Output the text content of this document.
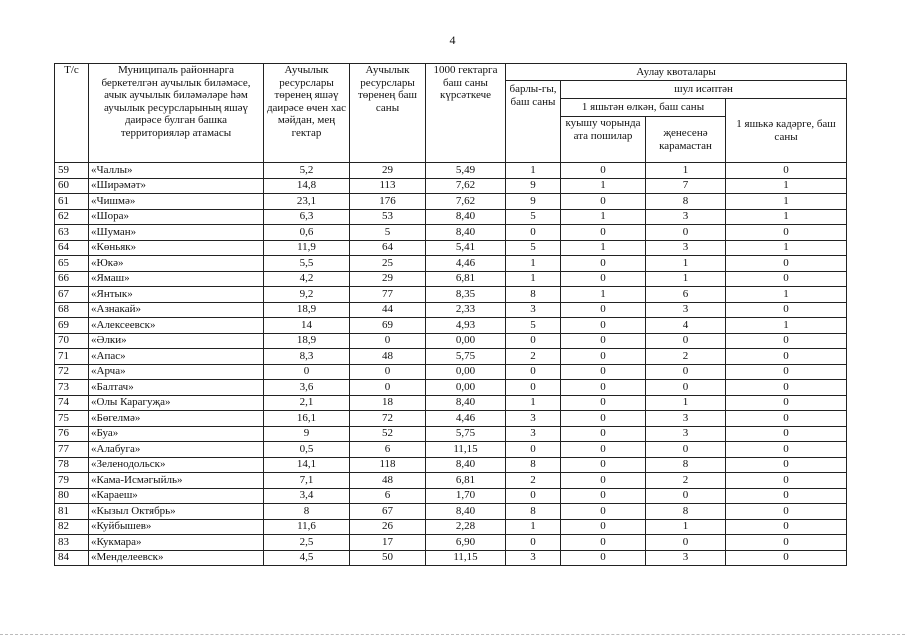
4
Т/с	Муниципаль районнарга беркетелгән аучылык биләмәсе, ачык аучылык биләмәләре һәм аучылык ресурсларының яшәү даирәсе булган башка территорияләр атамасы	Аучылык ресурслары төренең яшәү даирәсе өчен хас мәйдан, мең гектар	Аучылык ресурслары төренең баш саны	1000 гектарга баш саны күрсәткече	Аулау квоталары			
					барлы-гы, баш саны	шул исәптән		
						1 яшьтән өлкән, баш саны		1 яшькә кадәрге, баш саны
						куышу чорында ата пошилар	җенесенә карамастан	
59	«Чаллы»	5,2	29	5,49	1	0	1	0
60	«Ширәмәт»	14,8	113	7,62	9	1	7	1
61	«Чишмә»	23,1	176	7,62	9	0	8	1
62	«Шора»	6,3	53	8,40	5	1	3	1
63	«Шуман»	0,6	5	8,40	0	0	0	0
64	«Көньяк»	11,9	64	5,41	5	1	3	1
65	«Юкә»	5,5	25	4,46	1	0	1	0
66	«Ямаш»	4,2	29	6,81	1	0	1	0
67	«Янтык»	9,2	77	8,35	8	1	6	1
68	«Азнакай»	18,9	44	2,33	3	0	3	0
69	«Алексеевск»	14	69	4,93	5	0	4	1
70	«Әлки»	18,9	0	0,00	0	0	0	0
71	«Апас»	8,3	48	5,75	2	0	2	0
72	«Арча»	0	0	0,00	0	0	0	0
73	«Балтач»	3,6	0	0,00	0	0	0	0
74	«Олы Карагуҗа»	2,1	18	8,40	1	0	1	0
75	«Бөгелмә»	16,1	72	4,46	3	0	3	0
76	«Буа»	9	52	5,75	3	0	3	0
77	«Алабуга»	0,5	6	11,15	0	0	0	0
78	«Зеленодольск»	14,1	118	8,40	8	0	8	0
79	«Кама-Исмәгыйль»	7,1	48	6,81	2	0	2	0
80	«Караеш»	3,4	6	1,70	0	0	0	0
81	«Кызыл Октябрь»	8	67	8,40	8	0	8	0
82	«Куйбышев»	11,6	26	2,28	1	0	1	0
83	«Кукмара»	2,5	17	6,90	0	0	0	0
84	«Менделеевск»	4,5	50	11,15	3	0	3	0
